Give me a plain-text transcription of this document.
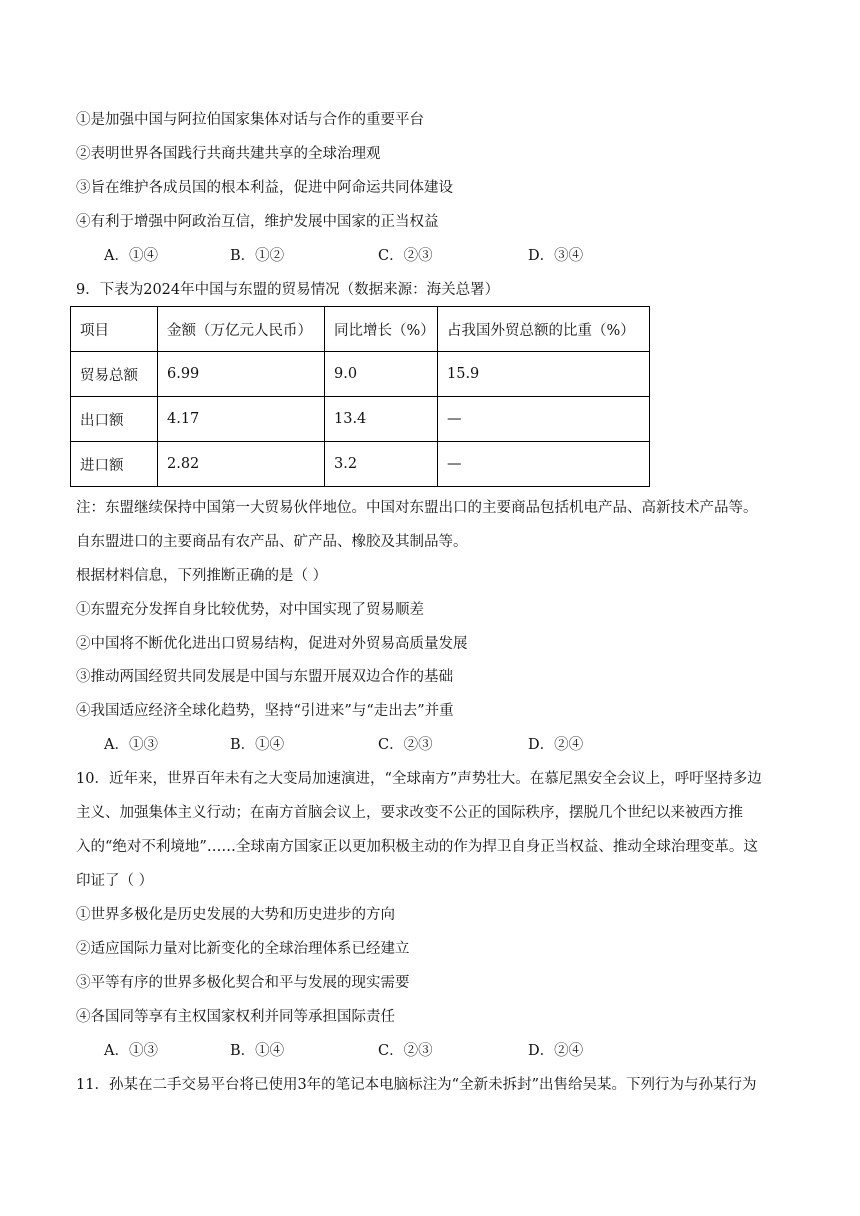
①是加强中国与阿拉伯国家集体对话与合作的重要平台
②表明世界各国践行共商共建共享的全球治理观
③旨在维护各成员国的根本利益，促进中阿命运共同体建设
④有利于增强中阿政治互信，维护发展中国家的正当权益
A．①④	B．①②	C．②③	D．③④
9．下表为2024年中国与东盟的贸易情况（数据来源：海关总署）
项目	金额（万亿元人民币）	同比增长（%）	占我国外贸总额的比重（%）
贸易总额	6.99	9.0	15.9
出口额	4.17	13.4	—
进口额	2.82	3.2	—
注：东盟继续保持中国第一大贸易伙伴地位。中国对东盟出口的主要商品包括机电产品、高新技术产品等。
自东盟进口的主要商品有农产品、矿产品、橡胶及其制品等。
根据材料信息，下列推断正确的是（ ）
①东盟充分发挥自身比较优势，对中国实现了贸易顺差
②中国将不断优化进出口贸易结构，促进对外贸易高质量发展
③推动两国经贸共同发展是中国与东盟开展双边合作的基础
④我国适应经济全球化趋势，坚持“引进来”与“走出去”并重
A．①③	B．①④	C．②③	D．②④
10．近年来，世界百年未有之大变局加速演进，“全球南方”声势壮大。在慕尼黑安全会议上，呼吁坚持多边
主义、加强集体主义行动；在南方首脑会议上，要求改变不公正的国际秩序，摆脱几个世纪以来被西方推
入的“绝对不利境地”……全球南方国家正以更加积极主动的作为捍卫自身正当权益、推动全球治理变革。这
印证了（ ）
①世界多极化是历史发展的大势和历史进步的方向
②适应国际力量对比新变化的全球治理体系已经建立
③平等有序的世界多极化契合和平与发展的现实需要
④各国同等享有主权国家权利并同等承担国际责任
A．①③	B．①④	C．②③	D．②④
11．孙某在二手交易平台将已使用3年的笔记本电脑标注为“全新未拆封”出售给吴某。下列行为与孙某行为
